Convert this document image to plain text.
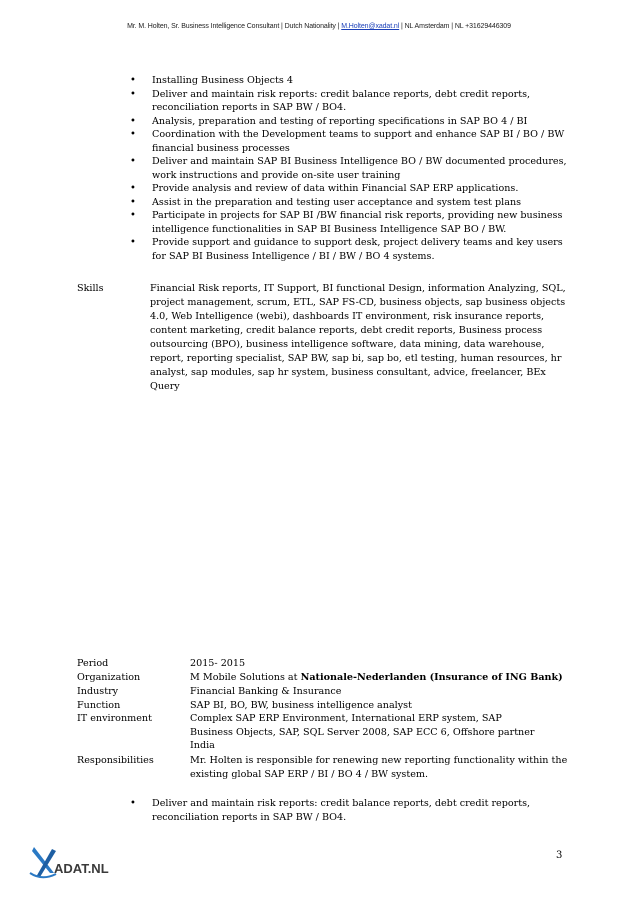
Mr. M. Holten, Sr. Business Intelligence Consultant | Dutch Nationality | M.Holten@xadat.nl | NL Amsterdam | NL +31629446309
• Installing Business Objects 4
• Deliver and maintain risk reports: credit balance reports, debt credit reports, reconciliation reports in SAP BW / BO4.
• Analysis, preparation and testing of reporting specifications in SAP BO 4 / BI
• Coordination with the Development teams to support and enhance SAP BI / BO / BW financial business processes
• Deliver and maintain SAP BI Business Intelligence BO / BW documented procedures, work instructions and provide on-site user training
• Provide analysis and review of data within Financial SAP ERP applications.
• Assist in the preparation and testing user acceptance and system test plans
• Participate in projects for SAP BI /BW financial risk reports, providing new business intelligence functionalities in SAP BI Business Intelligence SAP BO / BW.
• Provide support and guidance to support desk, project delivery teams and key users for SAP BI Business Intelligence / BI / BW / BO 4 systems.
Skills	Financial Risk reports, IT Support, BI functional Design, information Analyzing, SQL, project management, scrum, ETL, SAP FS-CD, business objects, sap business objects 4.0, Web Intelligence (webi), dashboards IT environment, risk insurance reports, content marketing, credit balance reports, debt credit reports, Business process outsourcing (BPO), business intelligence software, data mining, data warehouse, report, reporting specialist, SAP BW, sap bi, sap bo, etl testing, human resources, hr analyst, sap modules, sap hr system, business consultant, advice, freelancer, BEx Query
Period	2015- 2015
Organization	M Mobile Solutions at Nationale-Nederlanden (Insurance of ING Bank)
Industry	Financial Banking & Insurance
Function	SAP BI, BO, BW, business intelligence analyst
IT environment	Complex SAP ERP Environment, International ERP system, SAP Business Objects, SAP, SQL Server 2008, SAP ECC 6, Offshore partner India
Responsibilities	Mr. Holten is responsible for renewing new reporting functionality within the existing global SAP ERP / BI / BO 4 / BW system.
• Deliver and maintain risk reports: credit balance reports, debt credit reports, reconciliation reports in SAP BW / BO4.
ADAT.NL
3
